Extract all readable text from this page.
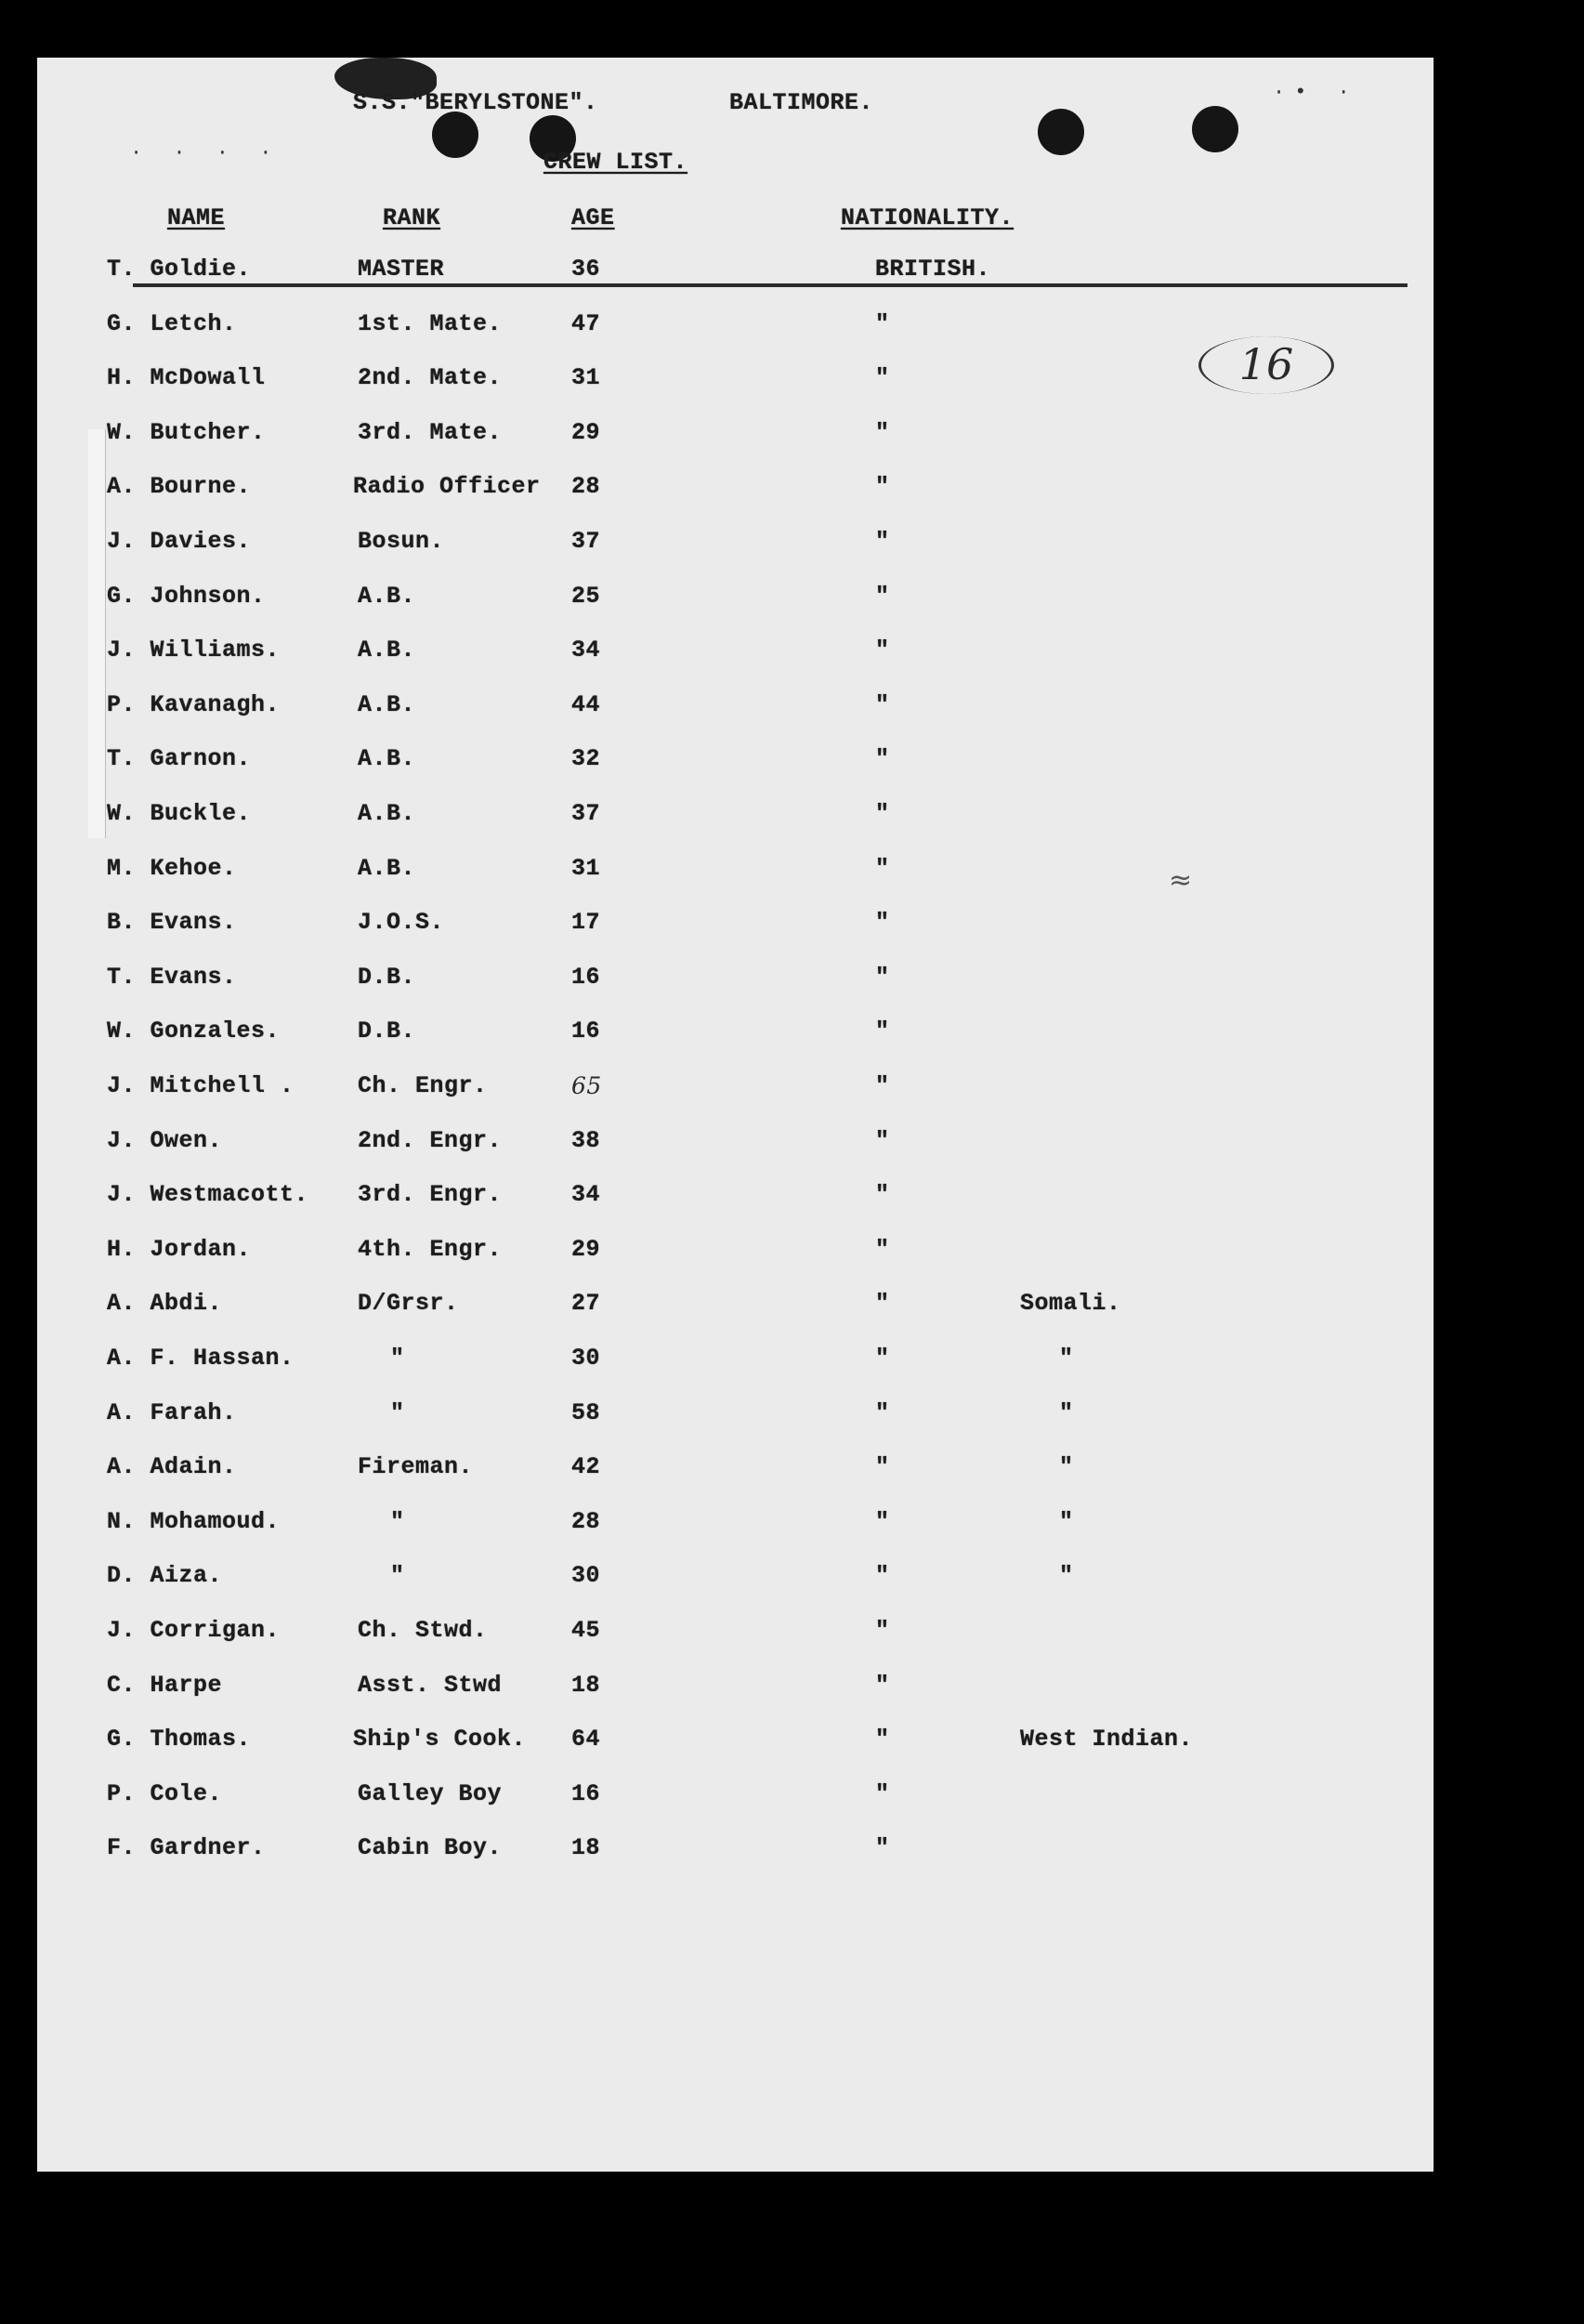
· · · ·
·• ·
S.S."BERYLSTONE".	BALTIMORE.
CREW LIST.
NAME	RANK	AGE	NATIONALITY.
16
≈
T. Goldie.	MASTER	36	BRITISH.
G. Letch.	1st. Mate.	47	"
H. McDowall	2nd. Mate.	31	"
W. Butcher.	3rd. Mate.	29	"
A. Bourne.	Radio Officer 28	"
J. Davies.	Bosun.	37	"
G. Johnson.	A.B.	25	"
J. Williams.	A.B.	34	"
P. Kavanagh.	A.B.	44	"
T. Garnon.	A.B.	32	"
W. Buckle.	A.B.	37	"
M. Kehoe.	A.B.	31	"
B. Evans.	J.O.S.	17	"
T. Evans.	D.B.	16	"
W. Gonzales.	D.B.	16	"
J. Mitchell .	Ch. Engr.	65	"
J. Owen.	2nd. Engr.	38	"
J. Westmacott. 3rd. Engr.	34	"
H. Jordan.	4th. Engr.	29	"
A. Abdi.	D/Grsr.	27	"	Somali.
A. F. Hassan.	"	30	"	"
A. Farah.	"	58	"	"
A. Adain.	Fireman.	42	"	"
N. Mohamoud.	"	28	"	"
D. Aiza.	"	30	"	"
J. Corrigan.	Ch. Stwd.	45	"
C. Harpe	Asst. Stwd	18	"
G. Thomas.	Ship's Cook. 64	"	West Indian.
P. Cole.	Galley Boy	16	"
F. Gardner.	Cabin Boy.	18	"
